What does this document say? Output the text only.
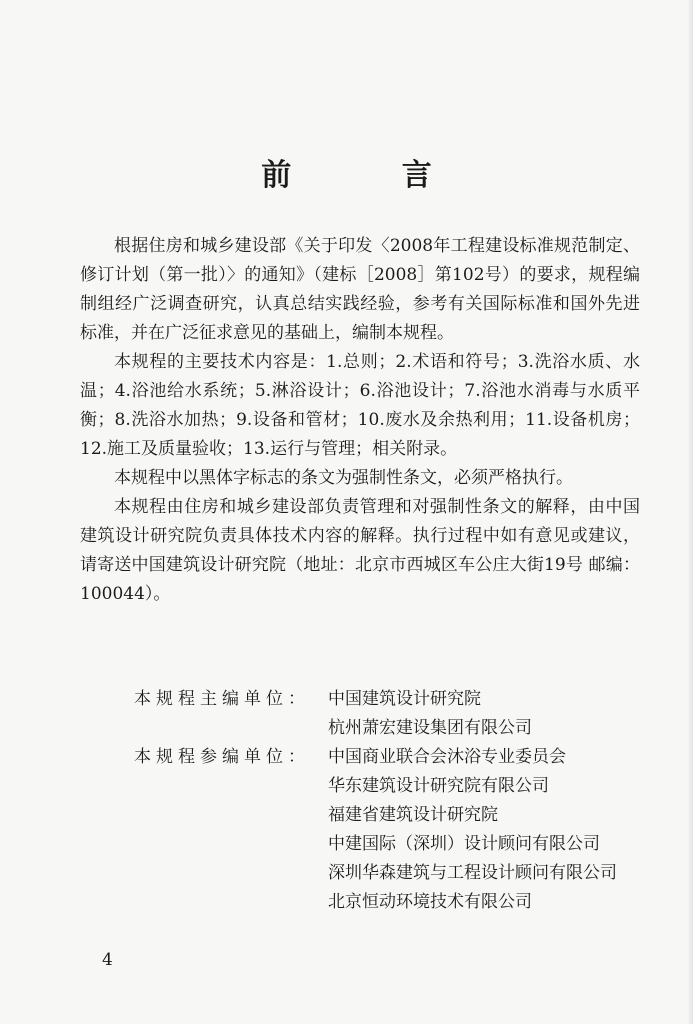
前 言

根据住房和城乡建设部《关于印发〈2008年工程建设标准规范制定、修订计划（第一批）〉的通知》（建标［2008］第102号）的要求，规程编制组经广泛调查研究，认真总结实践经验，参考有关国际标准和国外先进标准，并在广泛征求意见的基础上，编制本规程。

本规程的主要技术内容是：1.总则；2.术语和符号；3.洗浴水质、水温；4.浴池给水系统；5.淋浴设计；6.浴池设计；7.浴池水消毒与水质平衡；8.洗浴水加热；9.设备和管材；10.废水及余热利用；11.设备机房；12.施工及质量验收；13.运行与管理；相关附录。

本规程中以黑体字标志的条文为强制性条文，必须严格执行。

本规程由住房和城乡建设部负责管理和对强制性条文的解释，由中国建筑设计研究院负责具体技术内容的解释。执行过程中如有意见或建议，请寄送中国建筑设计研究院（地址：北京市西城区车公庄大街19号 邮编：100044）。

本规程主编单位：	中国建筑设计研究院
杭州萧宏建设集团有限公司
本规程参编单位：	中国商业联合会沐浴专业委员会
华东建筑设计研究院有限公司
福建省建筑设计研究院
中建国际（深圳）设计顾问有限公司
深圳华森建筑与工程设计顾问有限公司
北京恒动环境技术有限公司
4
